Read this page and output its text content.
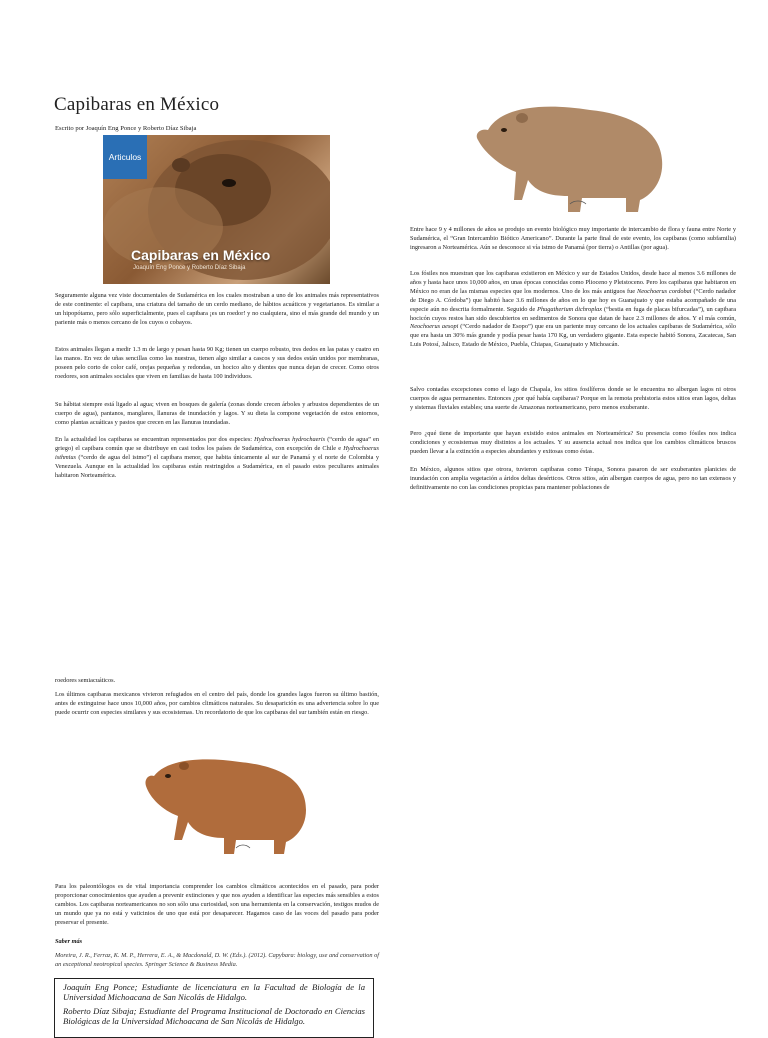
Capibaras en México
Escrito por Joaquín Eng Ponce y Roberto Díaz Sibaja
Articulos
Capibaras en México
Joaquín Eng Ponce y Roberto Díaz Sibaja

Seguramente alguna vez viste documentales de Sudamérica en los cuales mostraban a uno de los animales más representativos de este continente: el capibara, una criatura del tamaño de un cerdo mediano, de hábitos acuáticos y vegetarianos. Es similar a un hipopótamo, pero sólo superficialmente, pues el capibara ¡es un roedor! y no cualquiera, sino el más grande del mundo y un pariente más o menos cercano de los cuyos o cobayos.

Estos animales llegan a medir 1.3 m de largo y pesan hasta 90 Kg; tienen un cuerpo robusto, tres dedos en las patas y cuatro en las manos. En vez de uñas sencillas como las nuestras, tienen algo similar a cascos y sus dedos están unidos por membranas, poseen pelo corto de color café, orejas pequeñas y redondas, un hocico alto y dientes que nunca dejan de crecer. Como otros roedores, son animales sociales que viven en familias de hasta 100 individuos.

Su hábitat siempre está ligado al agua; viven en bosques de galería (zonas donde crecen árboles y arbustos dependientes de un cuerpo de agua), pantanos, manglares, llanuras de inundación y lagos. Y su dieta la compone vegetación de estos entornos, como plantas acuáticas y pastos que crecen en las llanuras inundadas.

En la actualidad los capibaras se encuentran representados por dos especies: Hydrochoerus hydrochaeris (“cerdo de agua” en griego) el capibara común que se distribuye en casi todos los países de Sudamérica, con excepción de Chile e Hydrochoerus isthmius (“cerdo de agua del istmo”) el capibara menor, que habita únicamente al sur de Panamá y el norte de Colombia y Venezuela. Aunque en la actualidad los capibaras están restringidos a Sudamérica, en el pasado estos peculiares animales habitaron Norteamérica.

Entre hace 9 y 4 millones de años se produjo un evento biológico muy importante de intercambio de flora y fauna entre Norte y Sudamérica, el “Gran Intercambio Biótico Americano”. Durante la parte final de este evento, los capibaras (como subfamilia) ingresaron a Norteamérica. Aún se desconoce si vía istmo de Panamá (por tierra) o Antillas (por agua).

Los fósiles nos muestran que los capibaras existieron en México y sur de Estados Unidos, desde hace al menos 3.6 millones de años y hasta hace unos 10,000 años, en unas épocas conocidas como Plioceno y Pleistoceno. Pero los capibaras que habitaron en México no eran de las mismas especies que los modernos. Uno de los más antiguos fue Neochoerus cordobai (“Cerdo nadador de Diego A. Córdoba”) que habitó hace 3.6 millones de años en lo que hoy es Guanajuato y que estaba acompañado de una especie aún no descrita formalmente. Seguido de Phugatherium dichroplax (“bestia en fuga de placas bifurcadas”), un capibara hocicón cuyos restos han sido descubiertos en sedimentos de Sonora que datan de hace 2.3 millones de años. Y el más común, Neochoerus aesopi (“Cerdo nadador de Esopo”) que era un pariente muy cercano de los actuales capibaras de Sudamérica, sólo que era hasta un 30% más grande y podía pesar hasta 170 Kg, un verdadero gigante. Esta especie habitó Sonora, Zacatecas, San Luis Potosí, Jalisco, Estado de México, Puebla, Chiapas, Guanajuato y Michoacán.

Salvo contadas excepciones como el lago de Chapala, los sitios fosilíferos donde se le encuentra no albergan lagos ni otros cuerpos de agua permanentes. Entonces ¿por qué había capibaras? Porque en la remota prehistoria estos sitios eran lagos, deltas y sistemas fluviales estables; una suerte de Amazonas norteamericano, pero menos exuberante.

Pero ¿qué tiene de importante que hayan existido estos animales en Norteamérica? Su presencia como fósiles nos indica condiciones y ecosistemas muy distintos a los actuales. Y su ausencia actual nos indica que los cambios climáticos bruscos pueden llevar a la extinción a especies abundantes y exitosas como éstas.

En México, algunos sitios que otrora, tuvieron capibaras como Térapa, Sonora pasaron de ser exuberantes planicies de inundación con amplia vegetación a áridos deltas desérticos. Otros sitios, aún albergan cuerpos de agua, pero no tan extensos y definitivamente no con las condiciones propicias para mantener poblaciones de

roedores semiacuáticos.

Los últimos capibaras mexicanos vivieron refugiados en el centro del país, donde los grandes lagos fueron su último bastión, antes de extinguirse hace unos 10,000 años, por cambios climáticos naturales. Su desaparición es una advertencia sobre lo que puede ocurrir con especies similares y sus ecosistemas. Un recordatorio de que los capibaras del sur también están en riesgo.

Para los paleontólogos es de vital importancia comprender los cambios climáticos acontecidos en el pasado, para poder proporcionar conocimientos que ayuden a prevenir extinciones y que nos ayuden a identificar las especies más sensibles a estos cambios. Los capibaras norteamericanos no son sólo una curiosidad, son una herramienta en la conservación, testigos mudos de un mundo que ya no está y vaticinios de uno que está por desaparecer. Hagamos caso de las voces del pasado para poder preservar el presente.

Saber más

Moreira, J. R., Ferraz, K. M. P., Herrera, E. A., & Macdonald, D. W. (Eds.). (2012). Capybara: biology, use and conservation of an exceptional neotropical species. Springer Science & Business Media.

Joaquín Eng Ponce; Estudiante de licenciatura en la Facultad de Biología de la Universidad Michoacana de San Nicolás de Hidalgo.

Roberto Díaz Sibaja; Estudiante del Programa Institucional de Doctorado en Ciencias Biológicas de la Universidad Michoacana de San Nicolás de Hidalgo.
